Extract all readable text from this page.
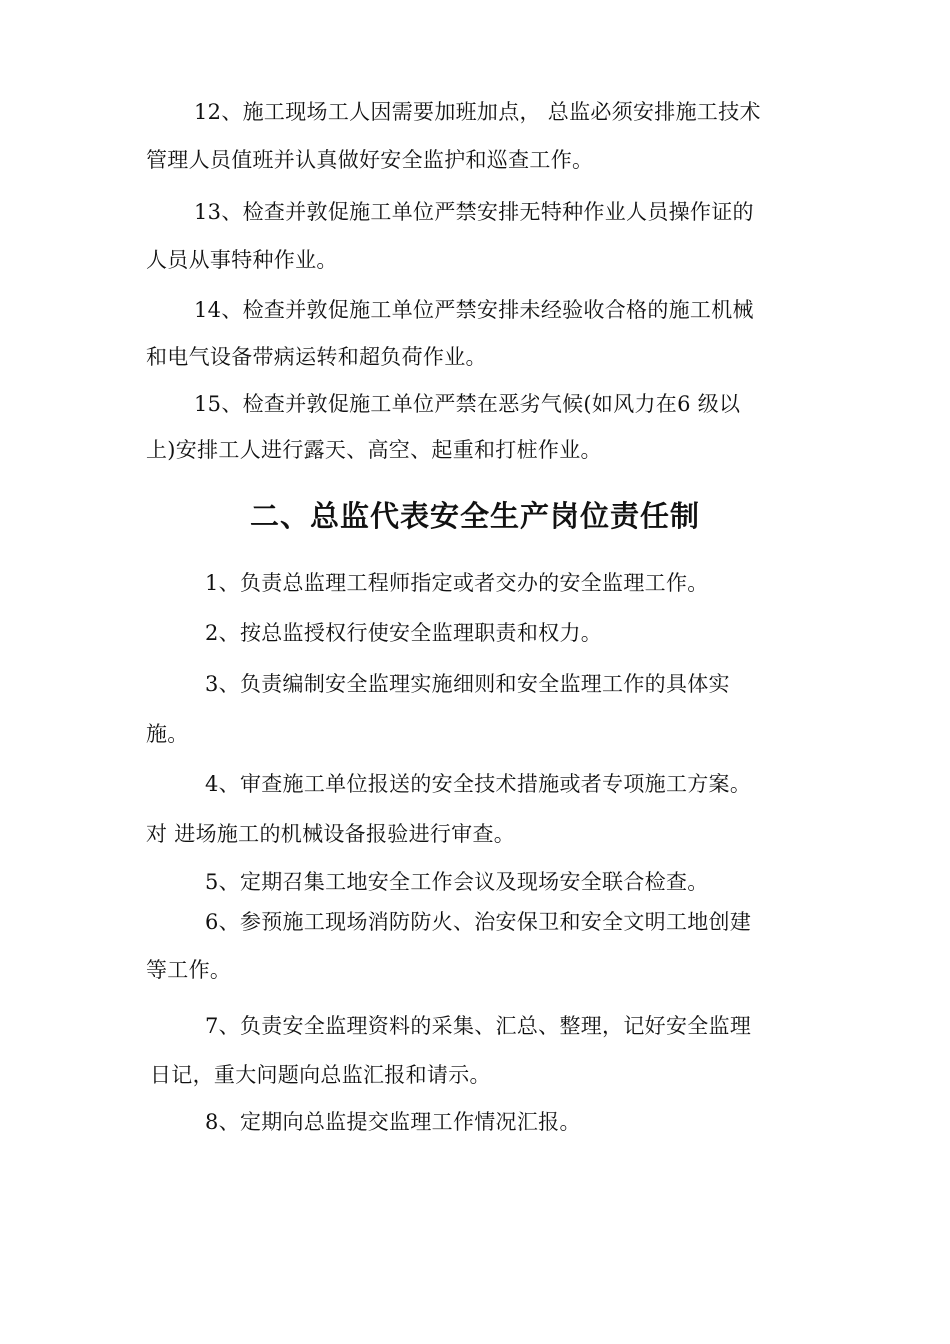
12、施工现场工人因需要加班加点， 总监必须安排施工技术
管理人员值班并认真做好安全监护和巡查工作。
13、检查并敦促施工单位严禁安排无特种作业人员操作证的
人员从事特种作业。
14、检查并敦促施工单位严禁安排未经验收合格的施工机械
和电气设备带病运转和超负荷作业。
15、检查并敦促施工单位严禁在恶劣气候(如风力在6 级以
上)安排工人进行露天、高空、起重和打桩作业。
二、总监代表安全生产岗位责任制
1、负责总监理工程师指定或者交办的安全监理工作。
2、按总监授权行使安全监理职责和权力。
3、负责编制安全监理实施细则和安全监理工作的具体实
施。
4、审查施工单位报送的安全技术措施或者专项施工方案。
对 进场施工的机械设备报验进行审查。
5、定期召集工地安全工作会议及现场安全联合检查。
6、参预施工现场消防防火、治安保卫和安全文明工地创建
等工作。
7、负责安全监理资料的采集、汇总、整理，记好安全监理
日记，重大问题向总监汇报和请示。
8、定期向总监提交监理工作情况汇报。
